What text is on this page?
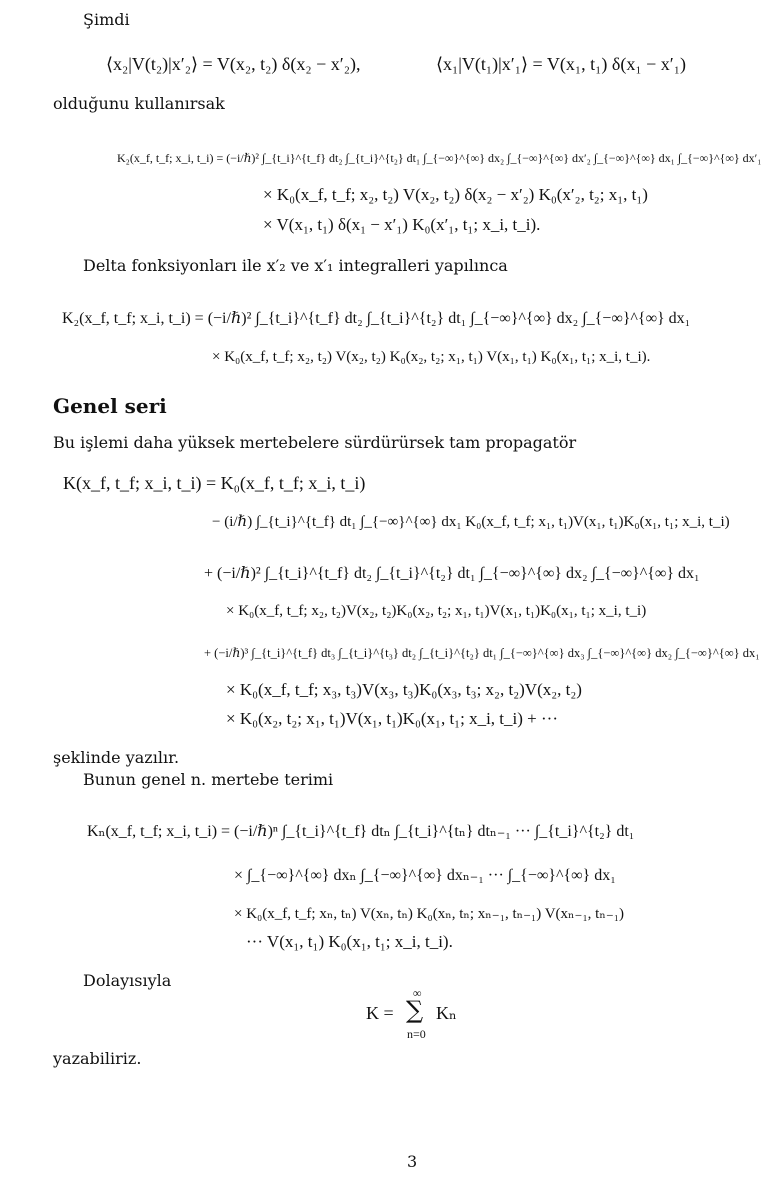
Şimdi
⟨x₂|V(t₂)|x′₂⟩ = V(x₂, t₂) δ(x₂ − x′₂),	⟨x₁|V(t₁)|x′₁⟩ = V(x₁, t₁) δ(x₁ − x′₁)
olduğunu kullanırsak
K₂(x_f, t_f; x_i, t_i) = (−i/ℏ)² ∫_{t_i}^{t_f} dt₂ ∫_{t_i}^{t₂} dt₁ ∫_{−∞}^{∞} dx₂ ∫_{−∞}^{∞} dx′₂ ∫_{−∞}^{∞} dx₁ ∫_{−∞}^{∞} dx′₁
× K₀(x_f, t_f; x₂, t₂) V(x₂, t₂) δ(x₂ − x′₂) K₀(x′₂, t₂; x₁, t₁)
× V(x₁, t₁) δ(x₁ − x′₁) K₀(x′₁, t₁; x_i, t_i).
Delta fonksiyonları ile x′₂ ve x′₁ integralleri yapılınca
K₂(x_f, t_f; x_i, t_i) = (−i/ℏ)² ∫_{t_i}^{t_f} dt₂ ∫_{t_i}^{t₂} dt₁ ∫_{−∞}^{∞} dx₂ ∫_{−∞}^{∞} dx₁
× K₀(x_f, t_f; x₂, t₂) V(x₂, t₂) K₀(x₂, t₂; x₁, t₁) V(x₁, t₁) K₀(x₁, t₁; x_i, t_i).
Genel seri
Bu işlemi daha yüksek mertebelere sürdürürsek tam propagatör
K(x_f, t_f; x_i, t_i) = K₀(x_f, t_f; x_i, t_i)
− (i/ℏ) ∫_{t_i}^{t_f} dt₁ ∫_{−∞}^{∞} dx₁ K₀(x_f, t_f; x₁, t₁)V(x₁, t₁)K₀(x₁, t₁; x_i, t_i)
+ (−i/ℏ)² ∫_{t_i}^{t_f} dt₂ ∫_{t_i}^{t₂} dt₁ ∫_{−∞}^{∞} dx₂ ∫_{−∞}^{∞} dx₁
× K₀(x_f, t_f; x₂, t₂)V(x₂, t₂)K₀(x₂, t₂; x₁, t₁)V(x₁, t₁)K₀(x₁, t₁; x_i, t_i)
+ (−i/ℏ)³ ∫_{t_i}^{t_f} dt₃ ∫_{t_i}^{t₃} dt₂ ∫_{t_i}^{t₂} dt₁ ∫_{−∞}^{∞} dx₃ ∫_{−∞}^{∞} dx₂ ∫_{−∞}^{∞} dx₁
× K₀(x_f, t_f; x₃, t₃)V(x₃, t₃)K₀(x₃, t₃; x₂, t₂)V(x₂, t₂)
× K₀(x₂, t₂; x₁, t₁)V(x₁, t₁)K₀(x₁, t₁; x_i, t_i) + ···
şeklinde yazılır.
Bunun genel n. mertebe terimi
Kₙ(x_f, t_f; x_i, t_i) = (−i/ℏ)ⁿ ∫_{t_i}^{t_f} dtₙ ∫_{t_i}^{tₙ} dtₙ₋₁ ··· ∫_{t_i}^{t₂} dt₁
× ∫_{−∞}^{∞} dxₙ ∫_{−∞}^{∞} dxₙ₋₁ ··· ∫_{−∞}^{∞} dx₁
× K₀(x_f, t_f; xₙ, tₙ) V(xₙ, tₙ) K₀(xₙ, tₙ; xₙ₋₁, tₙ₋₁) V(xₙ₋₁, tₙ₋₁)
··· V(x₁, t₁) K₀(x₁, t₁; x_i, t_i).
Dolayısıyla
K =
∞
∑
n=0
Kₙ
yazabiliriz.
3
